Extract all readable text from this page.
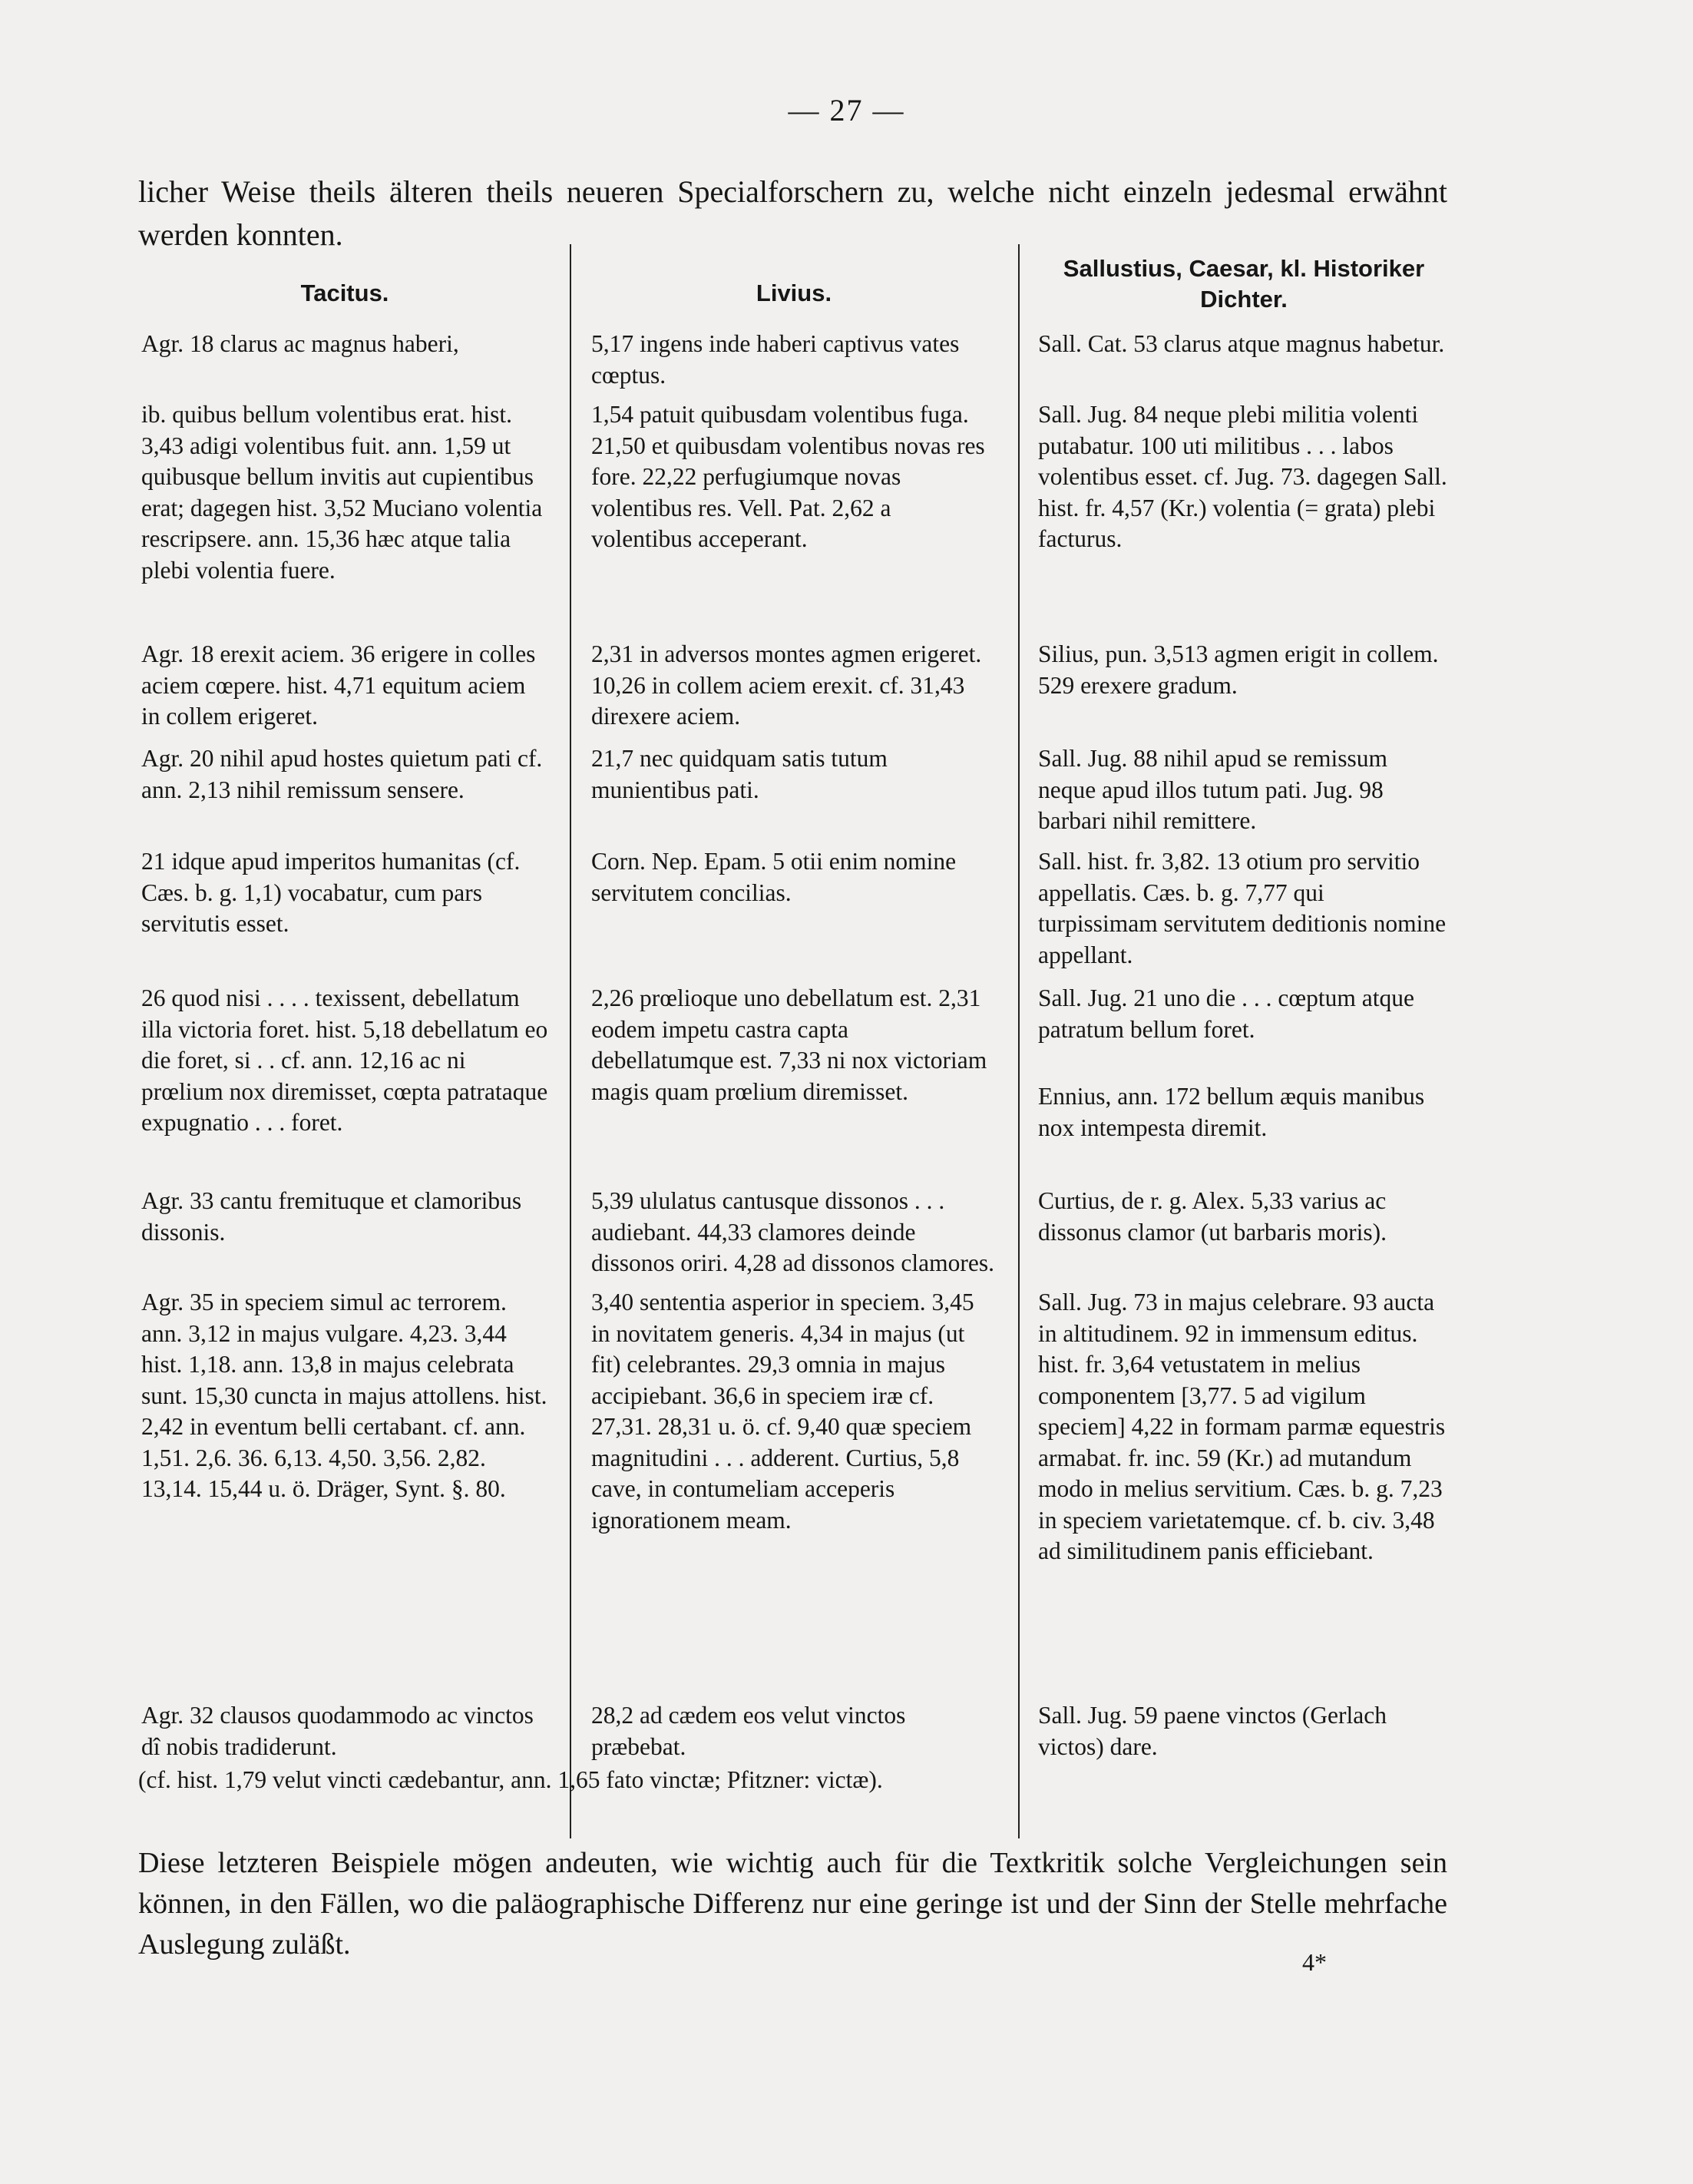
— 27 —
licher Weise theils älteren theils neueren Specialforschern zu, welche nicht einzeln jedesmal erwähnt werden konnten.
Tacitus.	Livius.
Sallustius, Caesar, kl. Historiker Dichter.
Agr. 18 clarus ac magnus haberi,
ib. quibus bellum volentibus erat. hist. 3,43 adigi volentibus fuit. ann. 1,59 ut quibusque bellum invitis aut cupientibus erat; dagegen hist. 3,52 Muciano volentia rescripsere. ann. 15,36 hæc atque talia plebi volentia fuere.
Agr. 18 erexit aciem. 36 erigere in colles aciem cœpere. hist. 4,71 equitum aciem in collem erigeret.
Agr. 20 nihil apud hostes quietum pati cf. ann. 2,13 nihil remissum sensere.
21 idque apud imperitos humanitas (cf. Cæs. b. g. 1,1) vocabatur, cum pars servitutis esset.
26 quod nisi . . . . texissent, debellatum illa victoria foret. hist. 5,18 debellatum eo die foret, si . . cf. ann. 12,16 ac ni prœlium nox diremisset, cœpta patrataque expugnatio . . . foret.
Agr. 33 cantu fremituque et clamoribus dissonis.
Agr. 35 in speciem simul ac terrorem. ann. 3,12 in majus vulgare. 4,23. 3,44 hist. 1,18. ann. 13,8 in majus celebrata sunt. 15,30 cuncta in majus attollens. hist. 2,42 in eventum belli certabant. cf. ann. 1,51. 2,6. 36. 6,13. 4,50. 3,56. 2,82. 13,14. 15,44 u. ö. Dräger, Synt. §. 80.
Agr. 32 clausos quodammodo ac vinctos dî nobis tradiderunt.
5,17 ingens inde haberi captivus vates cœptus.
1,54 patuit quibusdam volentibus fuga. 21,50 et quibusdam volentibus novas res fore. 22,22 perfugiumque novas volentibus res. Vell. Pat. 2,62 a volentibus acceperant.
2,31 in adversos montes agmen erigeret. 10,26 in collem aciem erexit. cf. 31,43 direxere aciem.
21,7 nec quidquam satis tutum munientibus pati.
Corn. Nep. Epam. 5 otii enim nomine servitutem concilias.
2,26 prœlioque uno debellatum est. 2,31 eodem impetu castra capta debellatumque est. 7,33 ni nox victoriam magis quam prœlium diremisset.
5,39 ululatus cantusque dissonos . . . audiebant. 44,33 clamores deinde dissonos oriri. 4,28 ad dissonos clamores.
3,40 sententia asperior in speciem. 3,45 in novitatem generis. 4,34 in majus (ut fit) celebrantes. 29,3 omnia in majus accipiebant. 36,6 in speciem iræ cf. 27,31. 28,31 u. ö. cf. 9,40 quæ speciem magnitudini . . . adderent. Curtius, 5,8 cave, in contumeliam acceperis ignorationem meam.
28,2 ad cædem eos velut vinctos præbebat.
Sall. Cat. 53 clarus atque magnus habetur.
Sall. Jug. 84 neque plebi militia volenti putabatur. 100 uti militibus . . . labos volentibus esset. cf. Jug. 73. dagegen Sall. hist. fr. 4,57 (Kr.) volentia (= grata) plebi facturus.
Silius, pun. 3,513 agmen erigit in collem. 529 erexere gradum.
Sall. Jug. 88 nihil apud se remissum neque apud illos tutum pati. Jug. 98 barbari nihil remittere.
Sall. hist. fr. 3,82. 13 otium pro servitio appellatis. Cæs. b. g. 7,77 qui turpissimam servitutem deditionis nomine appellant.
Sall. Jug. 21 uno die . . . cœptum atque patratum bellum foret.
Ennius, ann. 172 bellum æquis manibus nox intempesta diremit.
Curtius, de r. g. Alex. 5,33 varius ac dissonus clamor (ut barbaris moris).
Sall. Jug. 73 in majus celebrare. 93 aucta in altitudinem. 92 in immensum editus. hist. fr. 3,64 vetustatem in melius componentem [3,77. 5 ad vigilum speciem] 4,22 in formam parmæ equestris armabat. fr. inc. 59 (Kr.) ad mutandum modo in melius servitium. Cæs. b. g. 7,23 in speciem varietatemque. cf. b. civ. 3,48 ad similitudinem panis efficiebant.
Sall. Jug. 59 paene vinctos (Gerlach victos) dare.
(cf. hist. 1,79 velut vincti cædebantur, ann. 1,65 fato vinctæ; Pfitzner: victæ).
Diese letzteren Beispiele mögen andeuten, wie wichtig auch für die Textkritik solche Vergleichungen sein können, in den Fällen, wo die paläographische Differenz nur eine geringe ist und der Sinn der Stelle mehrfache Auslegung zuläßt.
4*
